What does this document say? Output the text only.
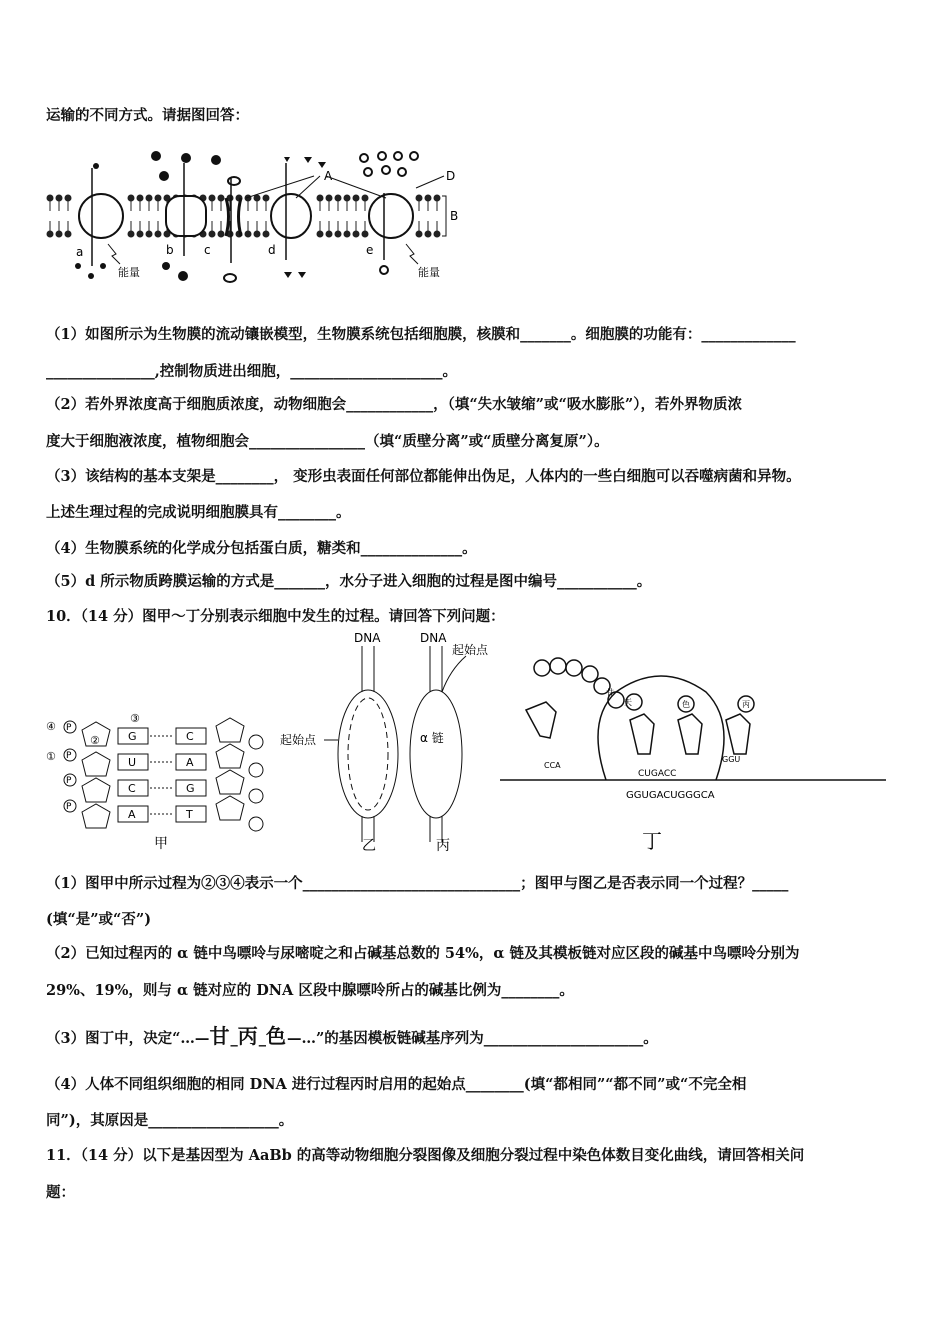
运输的不同方式。请据图回答：
a	b	c	d	e
A	D
B
能量	能量
（1）如图所示为生物膜的流动镶嵌模型，生物膜系统包括细胞膜，核膜和_______。细胞膜的功能有：_____________
_______________,控制物质进出细胞，_____________________。
（2）若外界浓度高于细胞质浓度，动物细胞会____________，（填“失水皱缩”或“吸水膨胀”），若外界物质浓
度大于细胞液浓度，植物细胞会________________（填“质壁分离”或“质壁分离复原”）。
（3）该结构的基本支架是________， 变形虫表面任何部位都能伸出伪足，人体内的一些白细胞可以吞噬病菌和异物。
上述生理过程的完成说明细胞膜具有________。
（4）生物膜系统的化学成分包括蛋白质，糖类和______________。
（5）d 所示物质跨膜运输的方式是_______，水分子进入细胞的过程是图中编号___________。
10．（14 分）图甲～丁分别表示细胞中发生的过程。请回答下列问题：
④
①
②
③
P
P
P
P
G
U
C
A
C
A
G
T
甲
DNA
起始点
乙
DNA
起始点
α 链
丙
CCA
CUGACC
GGU
GGUGACUGGGCA
甘
天	色	丙
丁
（1）图甲中所示过程为②③④表示一个______________________________；图甲与图乙是否表示同一个过程？_____
(填“是”或“否”)
（2）已知过程丙的 α 链中鸟嘌呤与尿嘧啶之和占碱基总数的 54%，α 链及其模板链对应区段的碱基中鸟嘌呤分别为
29%、19%，则与 α 链对应的 DNA 区段中腺嘌呤所占的碱基比例为________。
（3）图丁中，决定“…—甘_丙_色—…”的基因模板链碱基序列为______________________。
（4）人体不同组织细胞的相同 DNA 进行过程丙时启用的起始点________(填“都相同”“都不同”或“不完全相
同”)，其原因是__________________。
11．（14 分）以下是基因型为 AaBb 的高等动物细胞分裂图像及细胞分裂过程中染色体数目变化曲线，请回答相关问
题：
